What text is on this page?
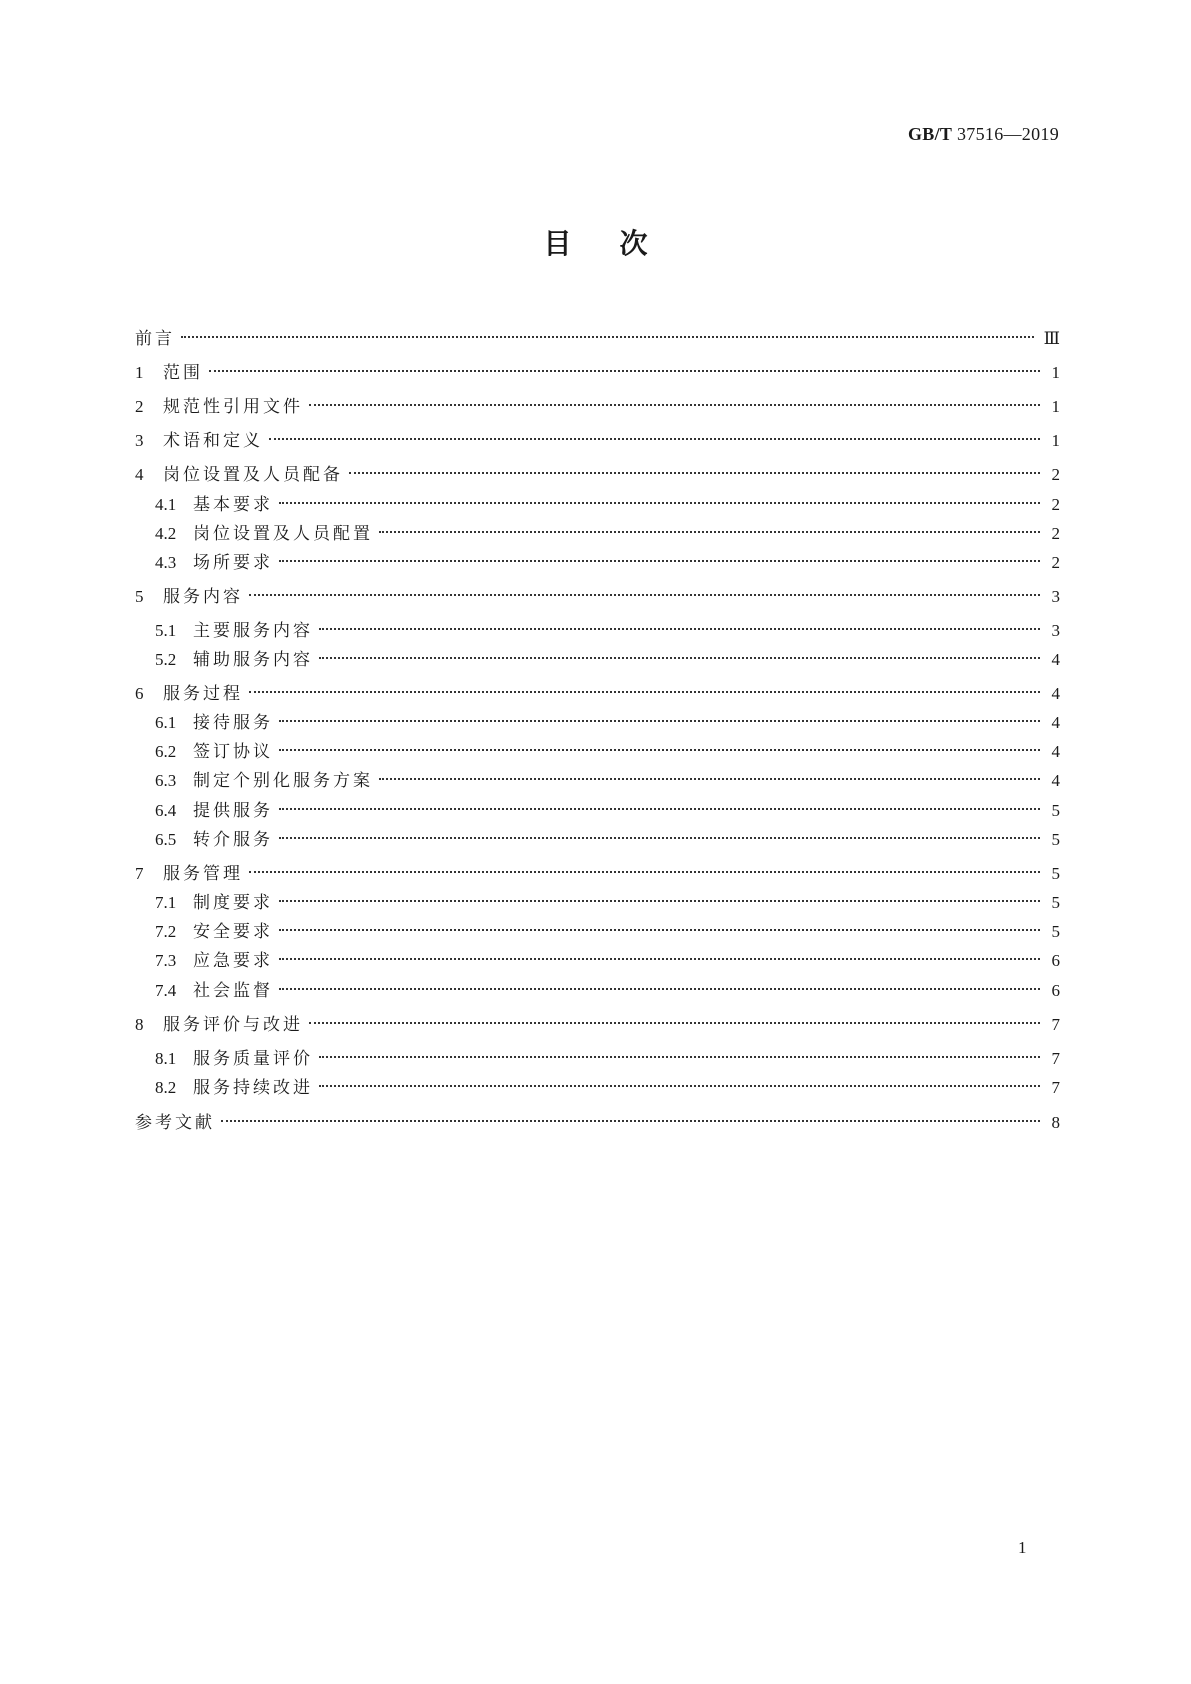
GB/T 37516—2019
目次
前言	Ⅲ
1	范围	1
2	规范性引用文件	1
3	术语和定义	1
4	岗位设置及人员配备	2
4.1 基本要求	2
4.2 岗位设置及人员配置	2
4.3 场所要求	2
5	服务内容	3
5.1 主要服务内容	3
5.2 辅助服务内容	4
6	服务过程	4
6.1 接待服务	4
6.2 签订协议	4
6.3 制定个别化服务方案	4
6.4 提供服务	5
6.5 转介服务	5
7	服务管理	5
7.1 制度要求	5
7.2 安全要求	5
7.3 应急要求	6
7.4 社会监督	6
8	服务评价与改进	7
8.1 服务质量评价	7
8.2 服务持续改进	7
参考文献	8
1
